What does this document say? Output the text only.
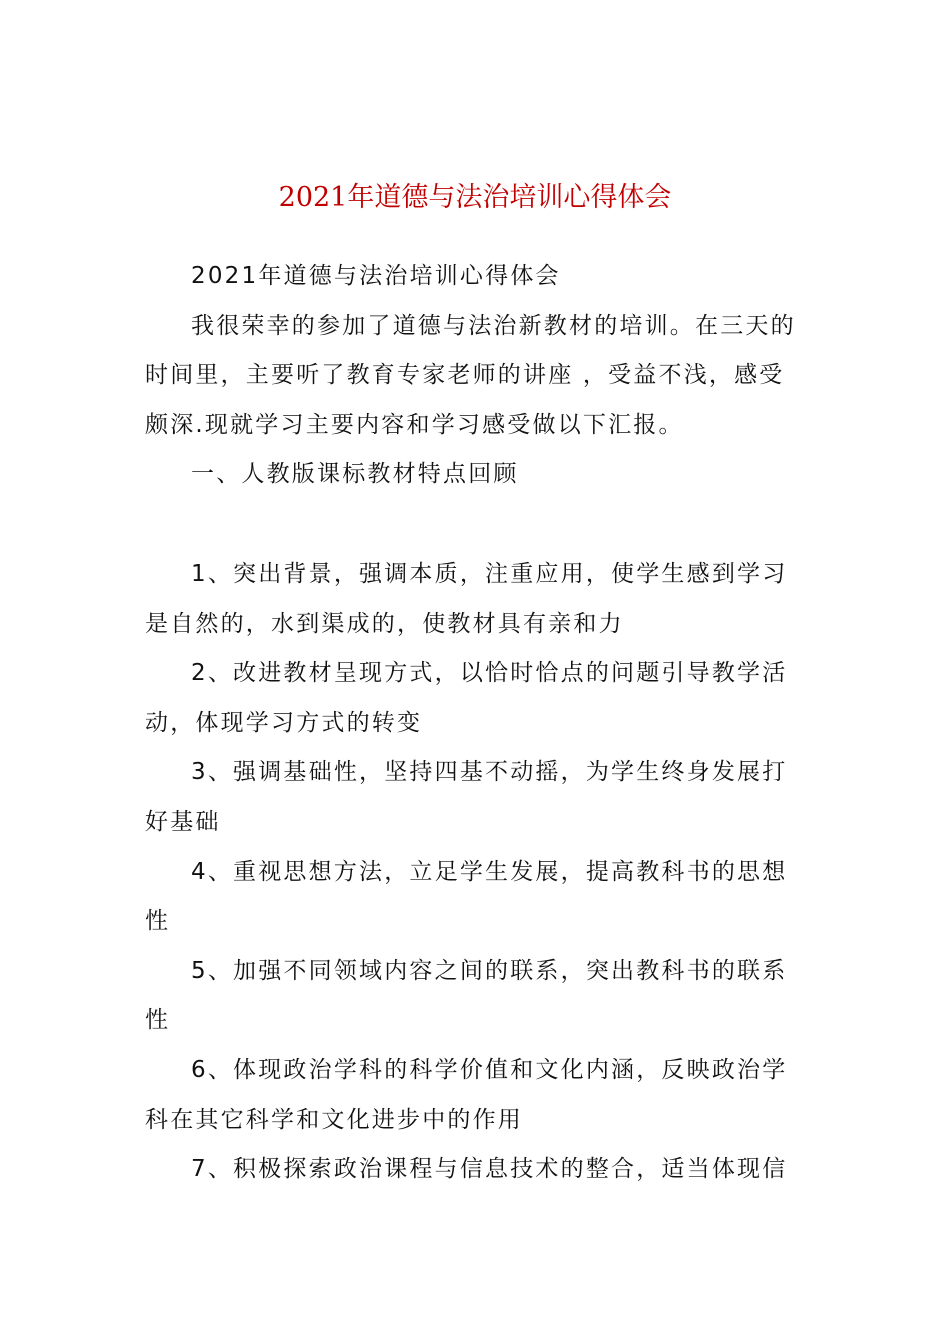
2021年道德与法治培训心得体会

2021年道德与法治培训心得体会

我很荣幸的参加了道德与法治新教材的培训。在三天的时间里，主要听了教育专家老师的讲座 ，受益不浅，感受颇深.现就学习主要内容和学习感受做以下汇报。

一、人教版课标教材特点回顾

1、突出背景，强调本质，注重应用，使学生感到学习是自然的，水到渠成的，使教材具有亲和力

2、改进教材呈现方式，以恰时恰点的问题引导教学活动，体现学习方式的转变

3、强调基础性，坚持四基不动摇，为学生终身发展打好基础

4、重视思想方法，立足学生发展，提高教科书的思想性

5、加强不同领域内容之间的联系，突出教科书的联系性

6、体现政治学科的科学价值和文化内涵，反映政治学科在其它科学和文化进步中的作用

7、积极探索政治课程与信息技术的整合，适当体现信
